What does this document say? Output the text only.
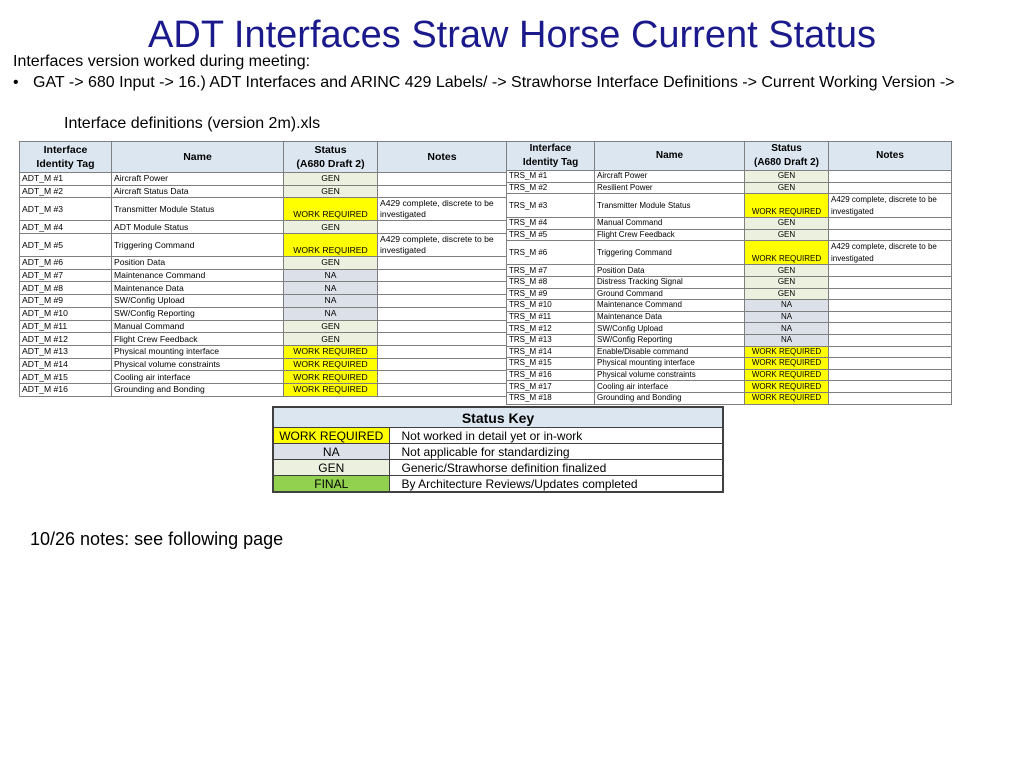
ADT Interfaces Straw Horse Current Status
Interfaces version worked during meeting:
• GAT -> 680 Input -> 16.) ADT Interfaces and ARINC 429 Labels/ -> Strawhorse Interface Definitions -> Current Working Version ->
Interface definitions (version 2m).xls
Interface
Identity Tag	Name	Status
(A680 Draft 2)	Notes
ADT_M #1	Aircraft Power	GEN	
ADT_M #2	Aircraft Status Data	GEN	
ADT_M #3	Transmitter Module Status	WORK REQUIRED	A429 complete, discrete to be investigated
ADT_M #4	ADT Module Status	GEN	
ADT_M #5	Triggering Command	WORK REQUIRED	A429 complete, discrete to be investigated
ADT_M #6	Position Data	GEN	
ADT_M #7	Maintenance Command	NA	
ADT_M #8	Maintenance Data	NA	
ADT_M #9	SW/Config Upload	NA	
ADT_M #10	SW/Config Reporting	NA	
ADT_M #11	Manual Command	GEN	
ADT_M #12	Flight Crew Feedback	GEN	
ADT_M #13	Physical mounting interface	WORK REQUIRED	
ADT_M #14	Physical volume constraints	WORK REQUIRED	
ADT_M #15	Cooling air interface	WORK REQUIRED	
ADT_M #16	Grounding and Bonding	WORK REQUIRED	
Interface
Identity Tag	Name	Status
(A680 Draft 2)	Notes
TRS_M #1	Aircraft Power	GEN	
TRS_M #2	Resilient Power	GEN	
TRS_M #3	Transmitter Module Status	WORK REQUIRED	A429 complete, discrete to be investigated
TRS_M #4	Manual Command	GEN	
TRS_M #5	Flight Crew Feedback	GEN	
TRS_M #6	Triggering Command	WORK REQUIRED	A429 complete, discrete to be investigated
TRS_M #7	Position Data	GEN	
TRS_M #8	Distress Tracking Signal	GEN	
TRS_M #9	Ground Command	GEN	
TRS_M #10	Maintenance Command	NA	
TRS_M #11	Maintenance Data	NA	
TRS_M #12	SW/Config Upload	NA	
TRS_M #13	SW/Config Reporting	NA	
TRS_M #14	Enable/Disable command	WORK REQUIRED	
TRS_M #15	Physical mounting interface	WORK REQUIRED	
TRS_M #16	Physical volume constraints	WORK REQUIRED	
TRS_M #17	Cooling air interface	WORK REQUIRED	
TRS_M #18	Grounding and Bonding	WORK REQUIRED	
Status Key	
WORK REQUIRED	Not worked in detail yet or in-work
NA	Not applicable for standardizing
GEN	Generic/Strawhorse definition finalized
FINAL	By Architecture Reviews/Updates completed
10/26 notes: see following page
